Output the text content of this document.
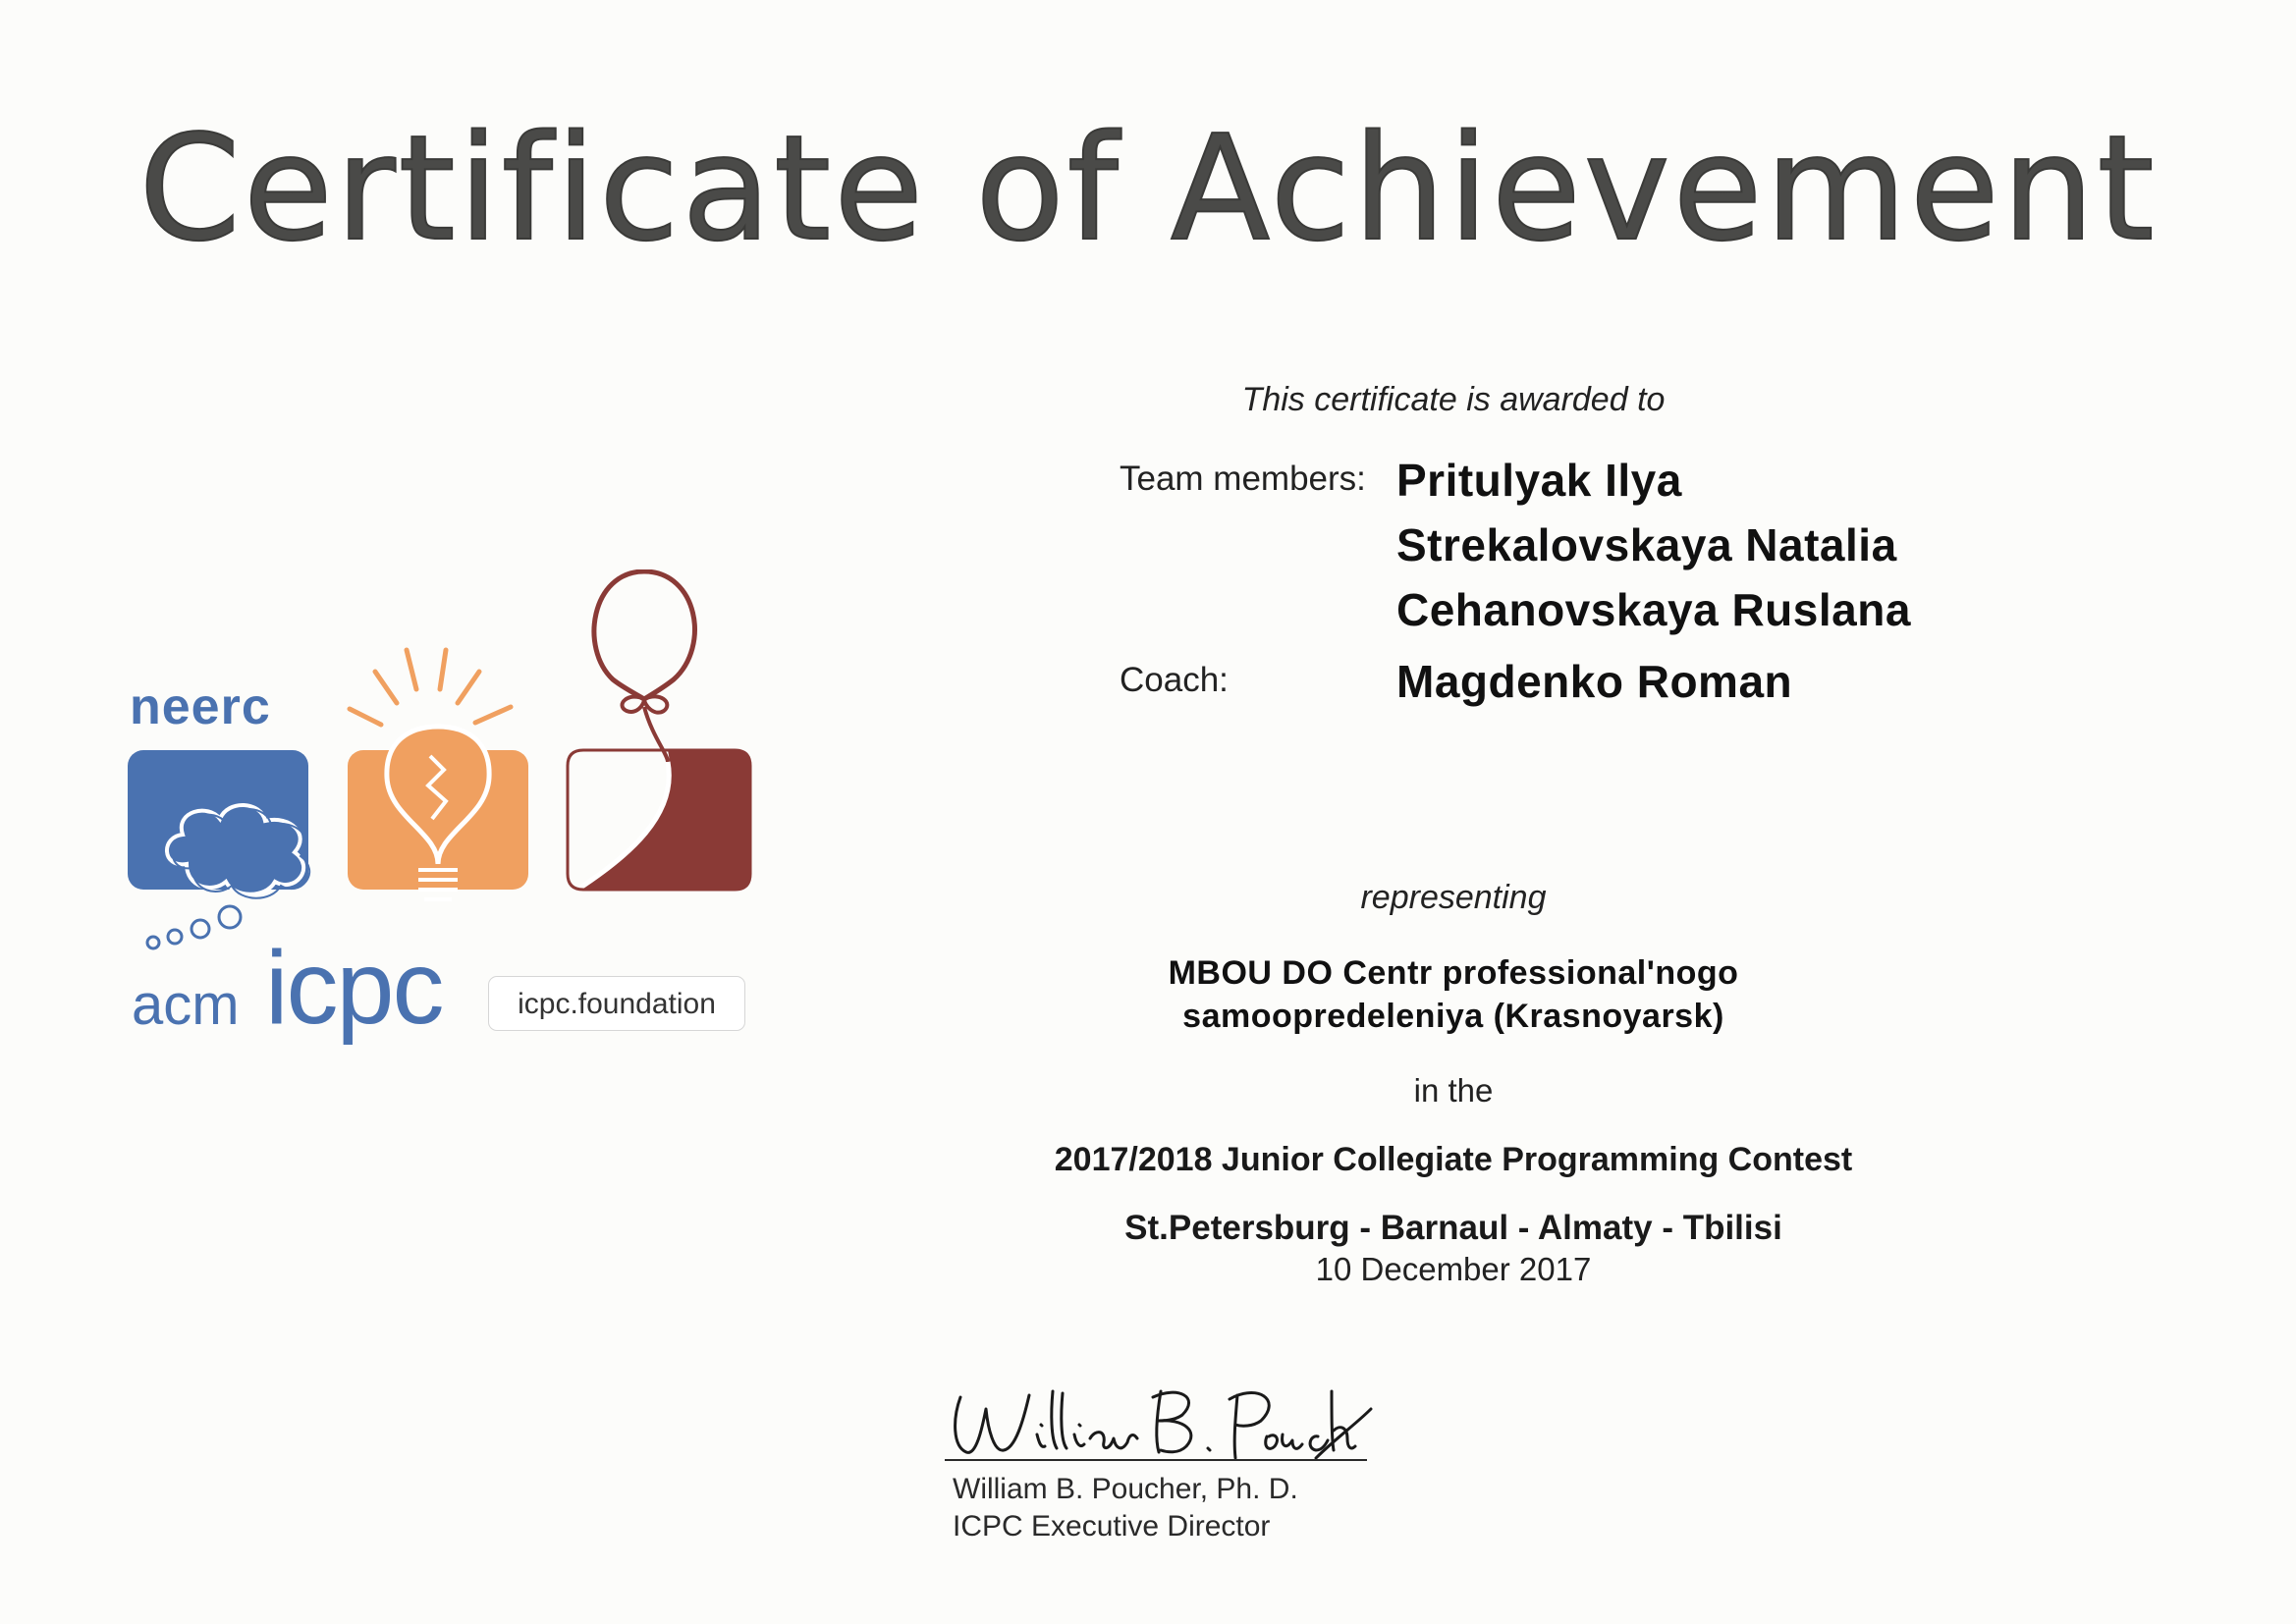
Certificate of Achievement
This certificate is awarded to
Team members: Pritulyak Ilya
Strekalovskaya Natalia
Cehanovskaya Ruslana
Coach:	Magdenko Roman
representing
MBOU DO Centr professional'nogo
samoopredeleniya (Krasnoyarsk)
in the
2017/2018 Junior Collegiate Programming Contest
St.Petersburg - Barnaul - Almaty - Tbilisi
10 December 2017
William B. Poucher, Ph. D.
ICPC Executive Director
neerc
acm icpc	icpc.foundation
